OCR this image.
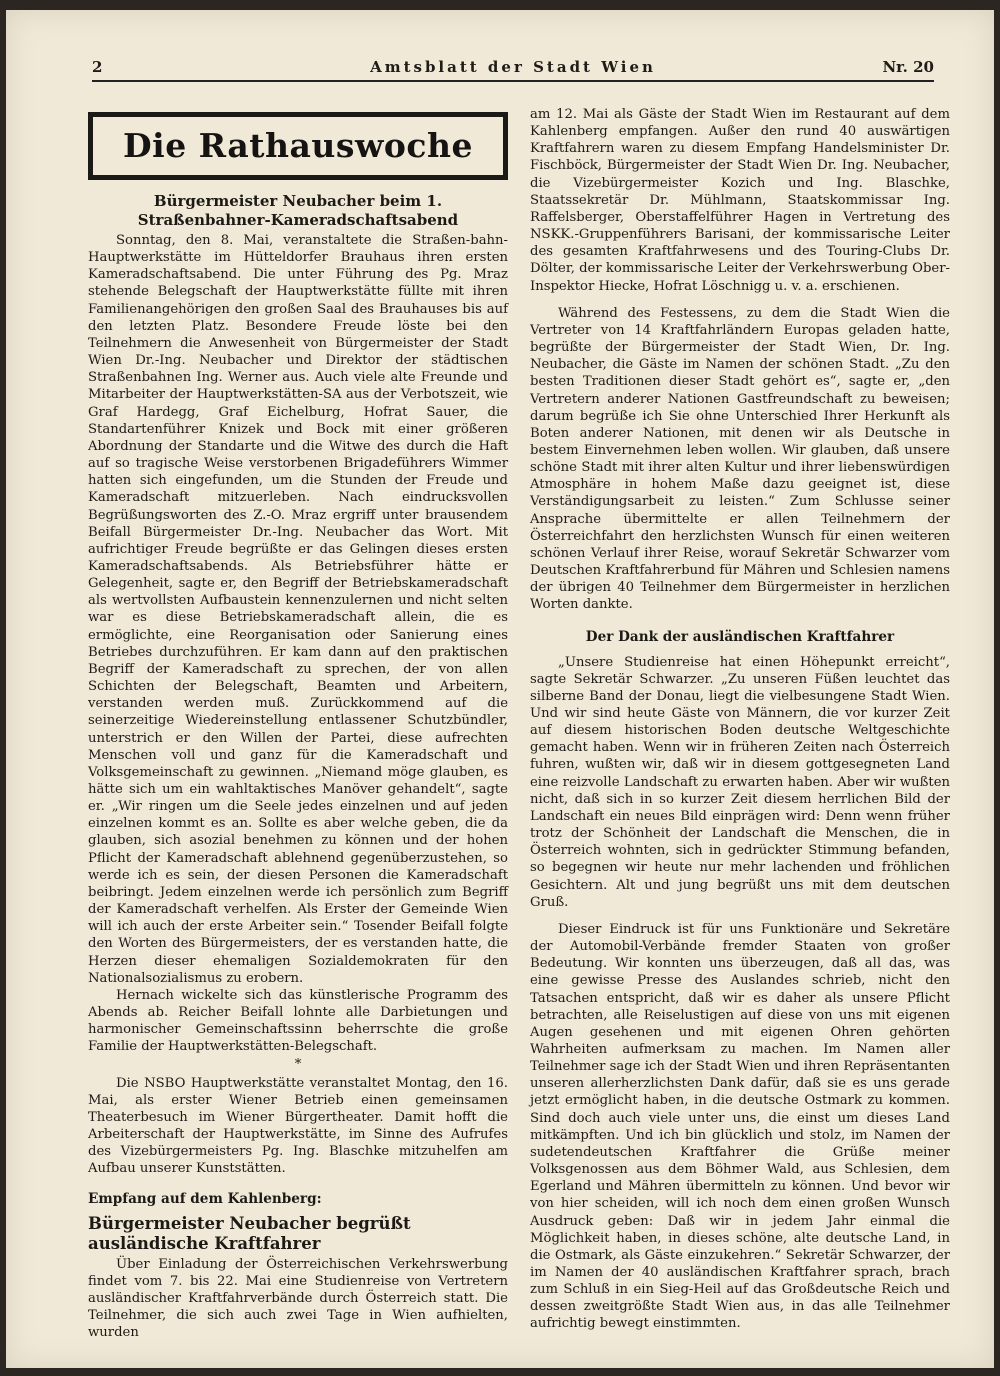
2	Amtsblatt der Stadt Wien	Nr. 20
Die Rathauswoche
Bürgermeister Neubacher beim 1. Straßenbahner-Kameradschaftsabend

Sonntag, den 8. Mai, veranstaltete die Straßen-bahn-Hauptwerkstätte im Hütteldorfer Brauhaus ihren ersten Kameradschaftsabend. Die unter Führung des Pg. Mraz stehende Belegschaft der Hauptwerkstätte füllte mit ihren Familienangehörigen den großen Saal des Brauhauses bis auf den letzten Platz. Besondere Freude löste bei den Teilnehmern die Anwesenheit von Bürgermeister der Stadt Wien Dr.-Ing. Neubacher und Direktor der städtischen Straßenbahnen Ing. Werner aus. Auch viele alte Freunde und Mitarbeiter der Hauptwerkstätten-SA aus der Verbotszeit, wie Graf Hardegg, Graf Eichelburg, Hofrat Sauer, die Standartenführer Knizek und Bock mit einer größeren Abordnung der Standarte und die Witwe des durch die Haft auf so tragische Weise verstorbenen Brigadeführers Wimmer hatten sich eingefunden, um die Stunden der Freude und Kameradschaft mitzuerleben. Nach eindrucksvollen Begrüßungsworten des Z.-O. Mraz ergriff unter brausendem Beifall Bürgermeister Dr.-Ing. Neubacher das Wort. Mit aufrichtiger Freude begrüßte er das Gelingen dieses ersten Kameradschaftsabends. Als Betriebsführer hätte er Gelegenheit, sagte er, den Begriff der Betriebskameradschaft als wertvollsten Aufbaustein kennenzulernen und nicht selten war es diese Betriebskameradschaft allein, die es ermöglichte, eine Reorganisation oder Sanierung eines Betriebes durchzuführen. Er kam dann auf den praktischen Begriff der Kameradschaft zu sprechen, der von allen Schichten der Belegschaft, Beamten und Arbeitern, verstanden werden muß. Zurückkommend auf die seinerzeitige Wiedereinstellung entlassener Schutzbündler, unterstrich er den Willen der Partei, diese aufrechten Menschen voll und ganz für die Kameradschaft und Volksgemeinschaft zu gewinnen. „Niemand möge glauben, es hätte sich um ein wahltaktisches Manöver gehandelt“, sagte er. „Wir ringen um die Seele jedes einzelnen und auf jeden einzelnen kommt es an. Sollte es aber welche geben, die da glauben, sich asozial benehmen zu können und der hohen Pflicht der Kameradschaft ablehnend gegenüberzustehen, so werde ich es sein, der diesen Personen die Kameradschaft beibringt. Jedem einzelnen werde ich persönlich zum Begriff der Kameradschaft verhelfen. Als Erster der Gemeinde Wien will ich auch der erste Arbeiter sein.“ Tosender Beifall folgte den Worten des Bürgermeisters, der es verstanden hatte, die Herzen dieser ehemaligen Sozialdemokraten für den Nationalsozialismus zu erobern.

Hernach wickelte sich das künstlerische Programm des Abends ab. Reicher Beifall lohnte alle Darbietungen und harmonischer Gemeinschaftssinn beherrschte die große Familie der Hauptwerkstätten-Belegschaft.

*

Die NSBO Hauptwerkstätte veranstaltet Montag, den 16. Mai, als erster Wiener Betrieb einen gemeinsamen Theaterbesuch im Wiener Bürgertheater. Damit hofft die Arbeiterschaft der Hauptwerkstätte, im Sinne des Aufrufes des Vizebürgermeisters Pg. Ing. Blaschke mitzuhelfen am Aufbau unserer Kunststätten.

Empfang auf dem Kahlenberg:
Bürgermeister Neubacher begrüßt ausländische Kraftfahrer

Über Einladung der Österreichischen Verkehrswerbung findet vom 7. bis 22. Mai eine Studienreise von Vertretern ausländischer Kraftfahrverbände durch Österreich statt. Die Teilnehmer, die sich auch zwei Tage in Wien aufhielten, wurden

am 12. Mai als Gäste der Stadt Wien im Restaurant auf dem Kahlenberg empfangen. Außer den rund 40 auswärtigen Kraftfahrern waren zu diesem Empfang Handelsminister Dr. Fischböck, Bürgermeister der Stadt Wien Dr. Ing. Neubacher, die Vizebürgermeister Kozich und Ing. Blaschke, Staatssekretär Dr. Mühlmann, Staatskommissar Ing. Raffelsberger, Oberstaffelführer Hagen in Vertretung des NSKK.-Gruppenführers Barisani, der kommissarische Leiter des gesamten Kraftfahrwesens und des Touring-Clubs Dr. Dölter, der kommissarische Leiter der Verkehrswerbung Ober-Inspektor Hiecke, Hofrat Löschnigg u. v. a. erschienen.

Während des Festessens, zu dem die Stadt Wien die Vertreter von 14 Kraftfahrländern Europas geladen hatte, begrüßte der Bürgermeister der Stadt Wien, Dr. Ing. Neubacher, die Gäste im Namen der schönen Stadt. „Zu den besten Traditionen dieser Stadt gehört es“, sagte er, „den Vertretern anderer Nationen Gastfreundschaft zu beweisen; darum begrüße ich Sie ohne Unterschied Ihrer Herkunft als Boten anderer Nationen, mit denen wir als Deutsche in bestem Einvernehmen leben wollen. Wir glauben, daß unsere schöne Stadt mit ihrer alten Kultur und ihrer liebenswürdigen Atmosphäre in hohem Maße dazu geeignet ist, diese Verständigungsarbeit zu leisten.“ Zum Schlusse seiner Ansprache übermittelte er allen Teilnehmern der Österreichfahrt den herzlichsten Wunsch für einen weiteren schönen Verlauf ihrer Reise, worauf Sekretär Schwarzer vom Deutschen Kraftfahrerbund für Mähren und Schlesien namens der übrigen 40 Teilnehmer dem Bürgermeister in herzlichen Worten dankte.

Der Dank der ausländischen Kraftfahrer

„Unsere Studienreise hat einen Höhepunkt erreicht“, sagte Sekretär Schwarzer. „Zu unseren Füßen leuchtet das silberne Band der Donau, liegt die vielbesungene Stadt Wien. Und wir sind heute Gäste von Männern, die vor kurzer Zeit auf diesem historischen Boden deutsche Weltgeschichte gemacht haben. Wenn wir in früheren Zeiten nach Österreich fuhren, wußten wir, daß wir in diesem gottgesegneten Land eine reizvolle Landschaft zu erwarten haben. Aber wir wußten nicht, daß sich in so kurzer Zeit diesem herrlichen Bild der Landschaft ein neues Bild einprägen wird: Denn wenn früher trotz der Schönheit der Landschaft die Menschen, die in Österreich wohnten, sich in gedrückter Stimmung befanden, so begegnen wir heute nur mehr lachenden und fröhlichen Gesichtern. Alt und jung begrüßt uns mit dem deutschen Gruß.

Dieser Eindruck ist für uns Funktionäre und Sekretäre der Automobil-Verbände fremder Staaten von großer Bedeutung. Wir konnten uns überzeugen, daß all das, was eine gewisse Presse des Auslandes schrieb, nicht den Tatsachen entspricht, daß wir es daher als unsere Pflicht betrachten, alle Reiselustigen auf diese von uns mit eigenen Augen gesehenen und mit eigenen Ohren gehörten Wahrheiten aufmerksam zu machen. Im Namen aller Teilnehmer sage ich der Stadt Wien und ihren Repräsentanten unseren allerherzlichsten Dank dafür, daß sie es uns gerade jetzt ermöglicht haben, in die deutsche Ostmark zu kommen. Sind doch auch viele unter uns, die einst um dieses Land mitkämpften. Und ich bin glücklich und stolz, im Namen der sudetendeutschen Kraftfahrer die Grüße meiner Volksgenossen aus dem Böhmer Wald, aus Schlesien, dem Egerland und Mähren übermitteln zu können. Und bevor wir von hier scheiden, will ich noch dem einen großen Wunsch Ausdruck geben: Daß wir in jedem Jahr einmal die Möglichkeit haben, in dieses schöne, alte deutsche Land, in die Ostmark, als Gäste einzukehren.“ Sekretär Schwarzer, der im Namen der 40 ausländischen Kraftfahrer sprach, brach zum Schluß in ein Sieg-Heil auf das Großdeutsche Reich und dessen zweitgrößte Stadt Wien aus, in das alle Teilnehmer aufrichtig bewegt einstimmten.
